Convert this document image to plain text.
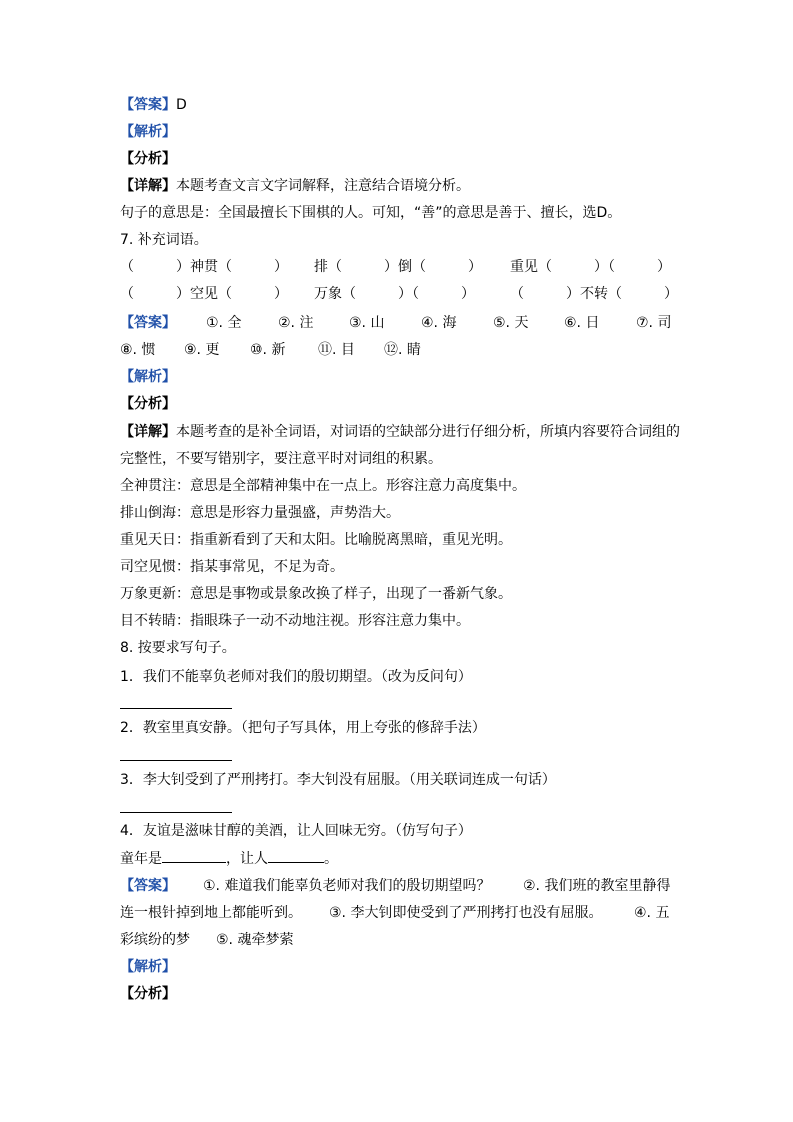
【答案】D
【解析】
【分析】
【详解】本题考查文言文字词解释，注意结合语境分析。
句子的意思是：全国最擅长下围棋的人。可知，“善”的意思是善于、擅长，选D。
7. 补充词语。
（　　　）神贯（　　　） 排（　　　）倒（　　　） 重见（　　　）（　　　）
（　　　）空见（　　　） 万象（　　　）（　　　）	（　　　）不转（　　　）
【答案】 ①. 全	②. 注	③. 山	④. 海	⑤. 天	⑥. 日	⑦. 司
⑧. 惯 ⑨. 更 ⑩. 新 ⑪. 目 ⑫. 睛
【解析】
【分析】
【详解】本题考查的是补全词语，对词语的空缺部分进行仔细分析，所填内容要符合词组的
完整性，不要写错别字，要注意平时对词组的积累。
全神贯注：意思是全部精神集中在一点上。形容注意力高度集中。
排山倒海：意思是形容力量强盛，声势浩大。
重见天日：指重新看到了天和太阳。比喻脱离黑暗，重见光明。
司空见惯：指某事常见，不足为奇。
万象更新：意思是事物或景象改换了样子，出现了一番新气象。
目不转睛：指眼珠子一动不动地注视。形容注意力集中。
8. 按要求写句子。
1．我们不能辜负老师对我们的殷切期望。（改为反问句）
2．教室里真安静。（把句子写具体，用上夸张的修辞手法）
3．李大钊受到了严刑拷打。李大钊没有屈服。（用关联词连成一句话）
4．友谊是滋味甘醇的美酒，让人回味无穷。（仿写句子）
童年是	，让人	。
【答案】 ①. 难道我们能辜负老师对我们的殷切期望吗？ ②. 我们班的教室里静得
连一根针掉到地上都能听到。 ③. 李大钊即使受到了严刑拷打也没有屈服。 ④. 五
彩缤纷的梦 ⑤. 魂牵梦萦
【解析】
【分析】
